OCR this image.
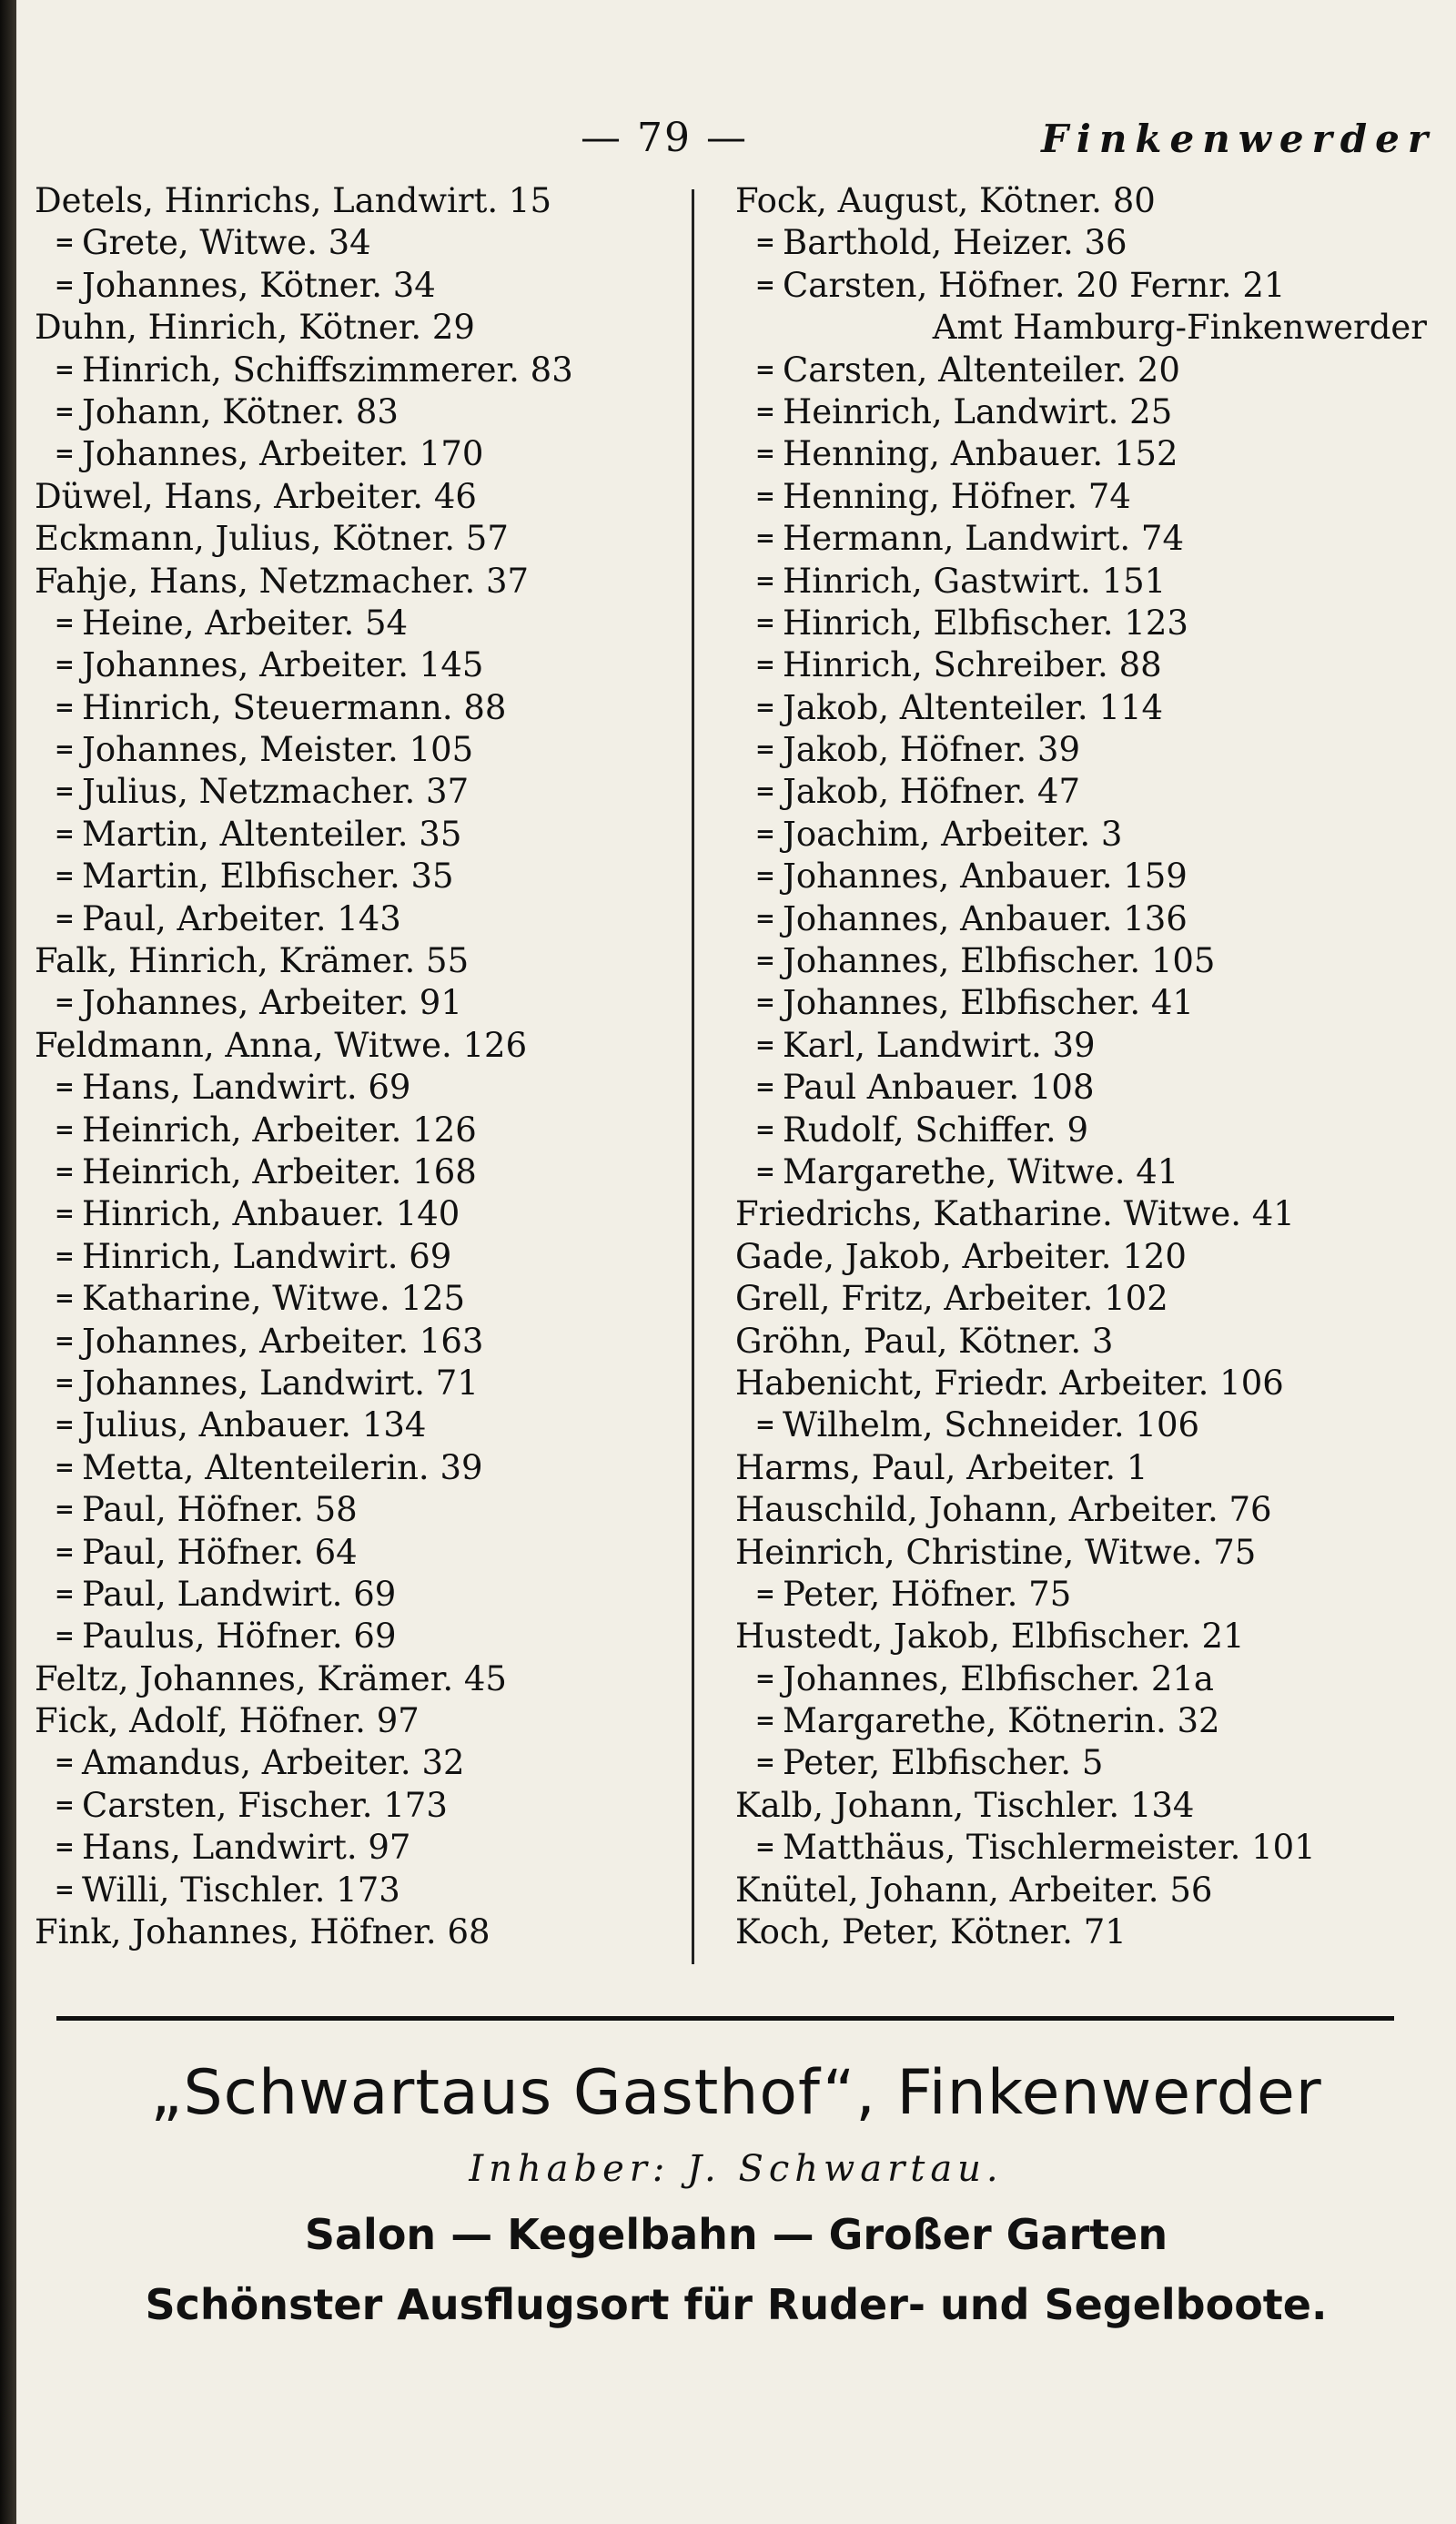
— 79 —	Finkenwerder
Detels, Hinrichs, Landwirt. 15
= Grete, Witwe. 34
= Johannes, Kötner. 34
Duhn, Hinrich, Kötner. 29
= Hinrich, Schiffszimmerer. 83
= Johann, Kötner. 83
= Johannes, Arbeiter. 170
Düwel, Hans, Arbeiter. 46
Eckmann, Julius, Kötner. 57
Fahje, Hans, Netzmacher. 37
= Heine, Arbeiter. 54
= Johannes, Arbeiter. 145
= Hinrich, Steuermann. 88
= Johannes, Meister. 105
= Julius, Netzmacher. 37
= Martin, Altenteiler. 35
= Martin, Elbfischer. 35
= Paul, Arbeiter. 143
Falk, Hinrich, Krämer. 55
= Johannes, Arbeiter. 91
Feldmann, Anna, Witwe. 126
= Hans, Landwirt. 69
= Heinrich, Arbeiter. 126
= Heinrich, Arbeiter. 168
= Hinrich, Anbauer. 140
= Hinrich, Landwirt. 69
= Katharine, Witwe. 125
= Johannes, Arbeiter. 163
= Johannes, Landwirt. 71
= Julius, Anbauer. 134
= Metta, Altenteilerin. 39
= Paul, Höfner. 58
= Paul, Höfner. 64
= Paul, Landwirt. 69
= Paulus, Höfner. 69
Feltz, Johannes, Krämer. 45
Fick, Adolf, Höfner. 97
= Amandus, Arbeiter. 32
= Carsten, Fischer. 173
= Hans, Landwirt. 97
= Willi, Tischler. 173
Fink, Johannes, Höfner. 68
Fock, August, Kötner. 80
= Barthold, Heizer. 36
= Carsten, Höfner. 20 Fernr. 21
Amt Hamburg-Finkenwerder
= Carsten, Altenteiler. 20
= Heinrich, Landwirt. 25
= Henning, Anbauer. 152
= Henning, Höfner. 74
= Hermann, Landwirt. 74
= Hinrich, Gastwirt. 151
= Hinrich, Elbfischer. 123
= Hinrich, Schreiber. 88
= Jakob, Altenteiler. 114
= Jakob, Höfner. 39
= Jakob, Höfner. 47
= Joachim, Arbeiter. 3
= Johannes, Anbauer. 159
= Johannes, Anbauer. 136
= Johannes, Elbfischer. 105
= Johannes, Elbfischer. 41
= Karl, Landwirt. 39
= Paul Anbauer. 108
= Rudolf, Schiffer. 9
= Margarethe, Witwe. 41
Friedrichs, Katharine. Witwe. 41
Gade, Jakob, Arbeiter. 120
Grell, Fritz, Arbeiter. 102
Gröhn, Paul, Kötner. 3
Habenicht, Friedr. Arbeiter. 106
= Wilhelm, Schneider. 106
Harms, Paul, Arbeiter. 1
Hauschild, Johann, Arbeiter. 76
Heinrich, Christine, Witwe. 75
= Peter, Höfner. 75
Hustedt, Jakob, Elbfischer. 21
= Johannes, Elbfischer. 21a
= Margarethe, Kötnerin. 32
= Peter, Elbfischer. 5
Kalb, Johann, Tischler. 134
= Matthäus, Tischlermeister. 101
Knütel, Johann, Arbeiter. 56
Koch, Peter, Kötner. 71
„Schwartaus Gasthof“, Finkenwerder
Inhaber: J. Schwartau.
Salon — Kegelbahn — Großer Garten
Schönster Ausflugsort für Ruder- und Segelboote.
